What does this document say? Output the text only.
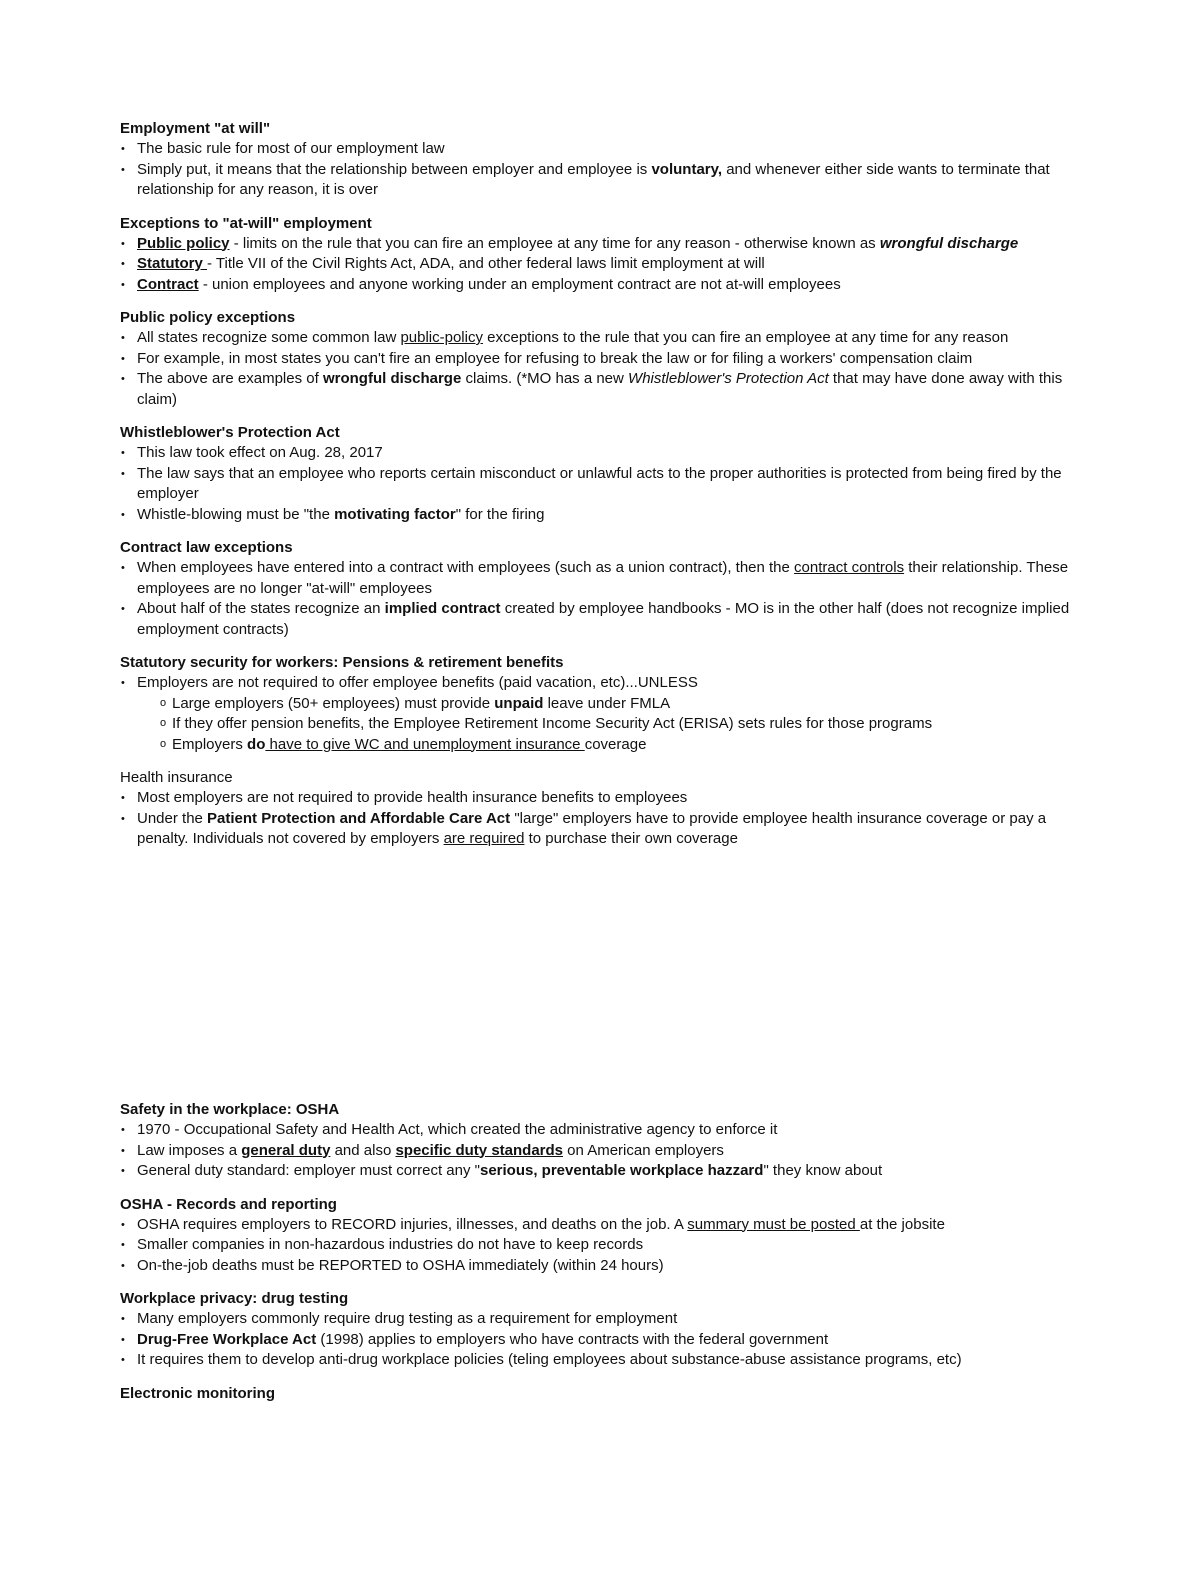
Employment "at will"

• The basic rule for most of our employment law
• Simply put, it means that the relationship between employer and employee is voluntary, and whenever either side wants to terminate that relationship for any reason, it is over

Exceptions to "at-will" employment

• Public policy - limits on the rule that you can fire an employee at any time for any reason - otherwise known as wrongful discharge
• Statutory - Title VII of the Civil Rights Act, ADA, and other federal laws limit employment at will
• Contract - union employees and anyone working under an employment contract are not at-will employees

Public policy exceptions

• All states recognize some common law public-policy exceptions to the rule that you can fire an employee at any time for any reason
• For example, in most states you can't fire an employee for refusing to break the law or for filing a workers' compensation claim
• The above are examples of wrongful discharge claims. (*MO has a new Whistleblower's Protection Act that may have done away with this claim)

Whistleblower's Protection Act

• This law took effect on Aug. 28, 2017
• The law says that an employee who reports certain misconduct or unlawful acts to the proper authorities is protected from being fired by the employer
• Whistle-blowing must be "the motivating factor" for the firing

Contract law exceptions

• When employees have entered into a contract with employees (such as a union contract), then the contract controls their relationship. These employees are no longer "at-will" employees
• About half of the states recognize an implied contract created by employee handbooks - MO is in the other half (does not recognize implied employment contracts)

Statutory security for workers: Pensions & retirement benefits

• Employers are not required to offer employee benefits (paid vacation, etc)...UNLESS
o Large employers (50+ employees) must provide unpaid leave under FMLA
o If they offer pension benefits, the Employee Retirement Income Security Act (ERISA) sets rules for those programs
o Employers do have to give WC and unemployment insurance coverage

Health insurance

• Most employers are not required to provide health insurance benefits to employees
• Under the Patient Protection and Affordable Care Act "large" employers have to provide employee health insurance coverage or pay a penalty. Individuals not covered by employers are required to purchase their own coverage

Safety in the workplace: OSHA

• 1970 - Occupational Safety and Health Act, which created the administrative agency to enforce it
• Law imposes a general duty and also specific duty standards on American employers
• General duty standard: employer must correct any "serious, preventable workplace hazzard" they know about

OSHA - Records and reporting

• OSHA requires employers to RECORD injuries, illnesses, and deaths on the job. A summary must be posted at the jobsite
• Smaller companies in non-hazardous industries do not have to keep records
• On-the-job deaths must be REPORTED to OSHA immediately (within 24 hours)

Workplace privacy: drug testing

• Many employers commonly require drug testing as a requirement for employment
• Drug-Free Workplace Act (1998) applies to employers who have contracts with the federal government
• It requires them to develop anti-drug workplace policies (teling employees about substance-abuse assistance programs, etc)

Electronic monitoring
